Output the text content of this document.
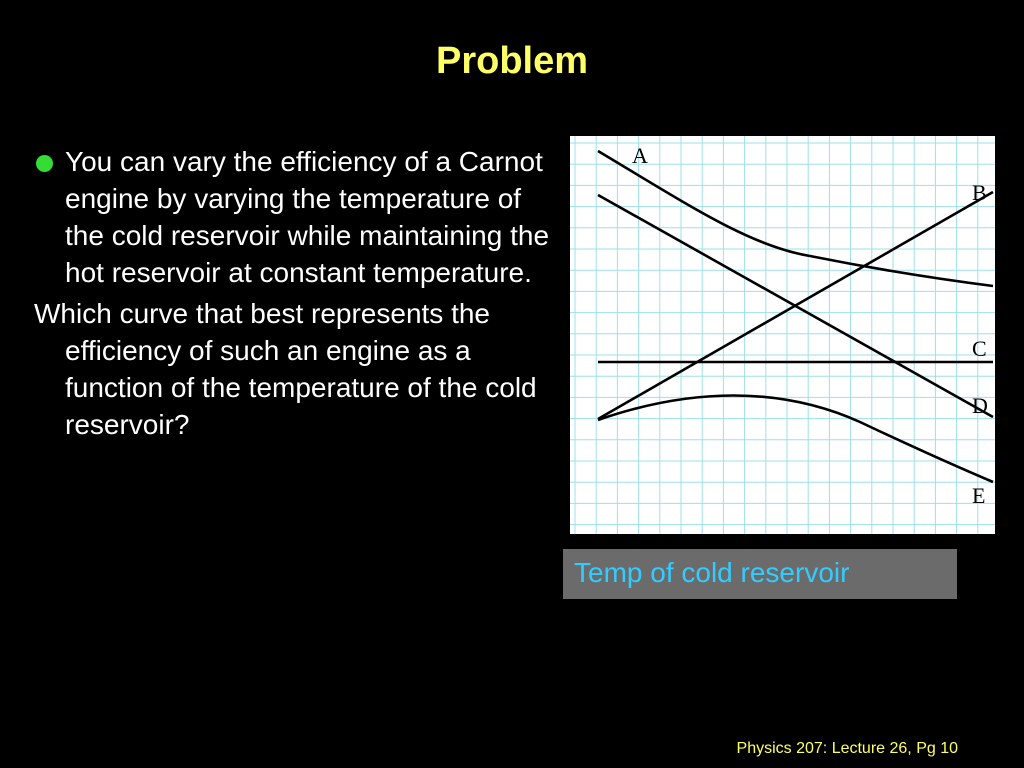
Problem
You can vary the efficiency of a Carnot engine by varying the temperature of the cold reservoir while maintaining the hot reservoir at constant temperature.
Which curve that best represents the efficiency of such an engine as a function of the temperature of the cold reservoir?
A
B
C
D
E
Temp of cold reservoir
Physics 207: Lecture 26, Pg 10
